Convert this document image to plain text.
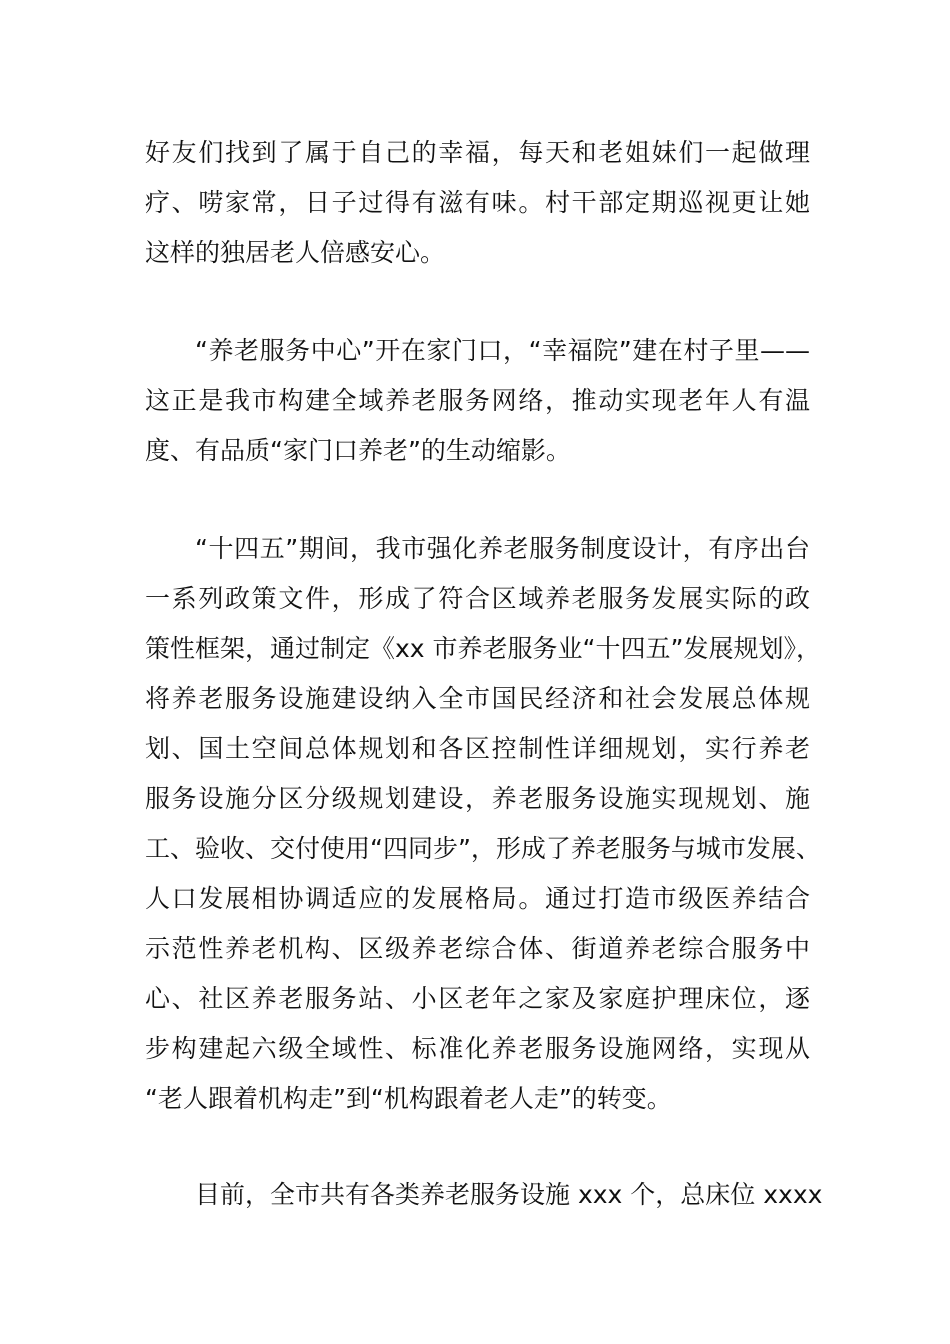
好友们找到了属于自己的幸福，每天和老姐妹们一起做理
疗、唠家常，日子过得有滋有味。村干部定期巡视更让她
这样的独居老人倍感安心。
“养老服务中心”开在家门口，“幸福院”建在村子里——
这正是我市构建全域养老服务网络，推动实现老年人有温
度、有品质“家门口养老”的生动缩影。
“十四五”期间，我市强化养老服务制度设计，有序出台
一系列政策文件，形成了符合区域养老服务发展实际的政
策性框架，通过制定《xx 市养老服务业“十四五”发展规划》，
将养老服务设施建设纳入全市国民经济和社会发展总体规
划、国土空间总体规划和各区控制性详细规划，实行养老
服务设施分区分级规划建设，养老服务设施实现规划、施
工、验收、交付使用“四同步”，形成了养老服务与城市发展、
人口发展相协调适应的发展格局。通过打造市级医养结合
示范性养老机构、区级养老综合体、街道养老综合服务中
心、社区养老服务站、小区老年之家及家庭护理床位，逐
步构建起六级全域性、标准化养老服务设施网络，实现从
“老人跟着机构走”到“机构跟着老人走”的转变。
目前，全市共有各类养老服务设施 xxx 个，总床位 xxxx
